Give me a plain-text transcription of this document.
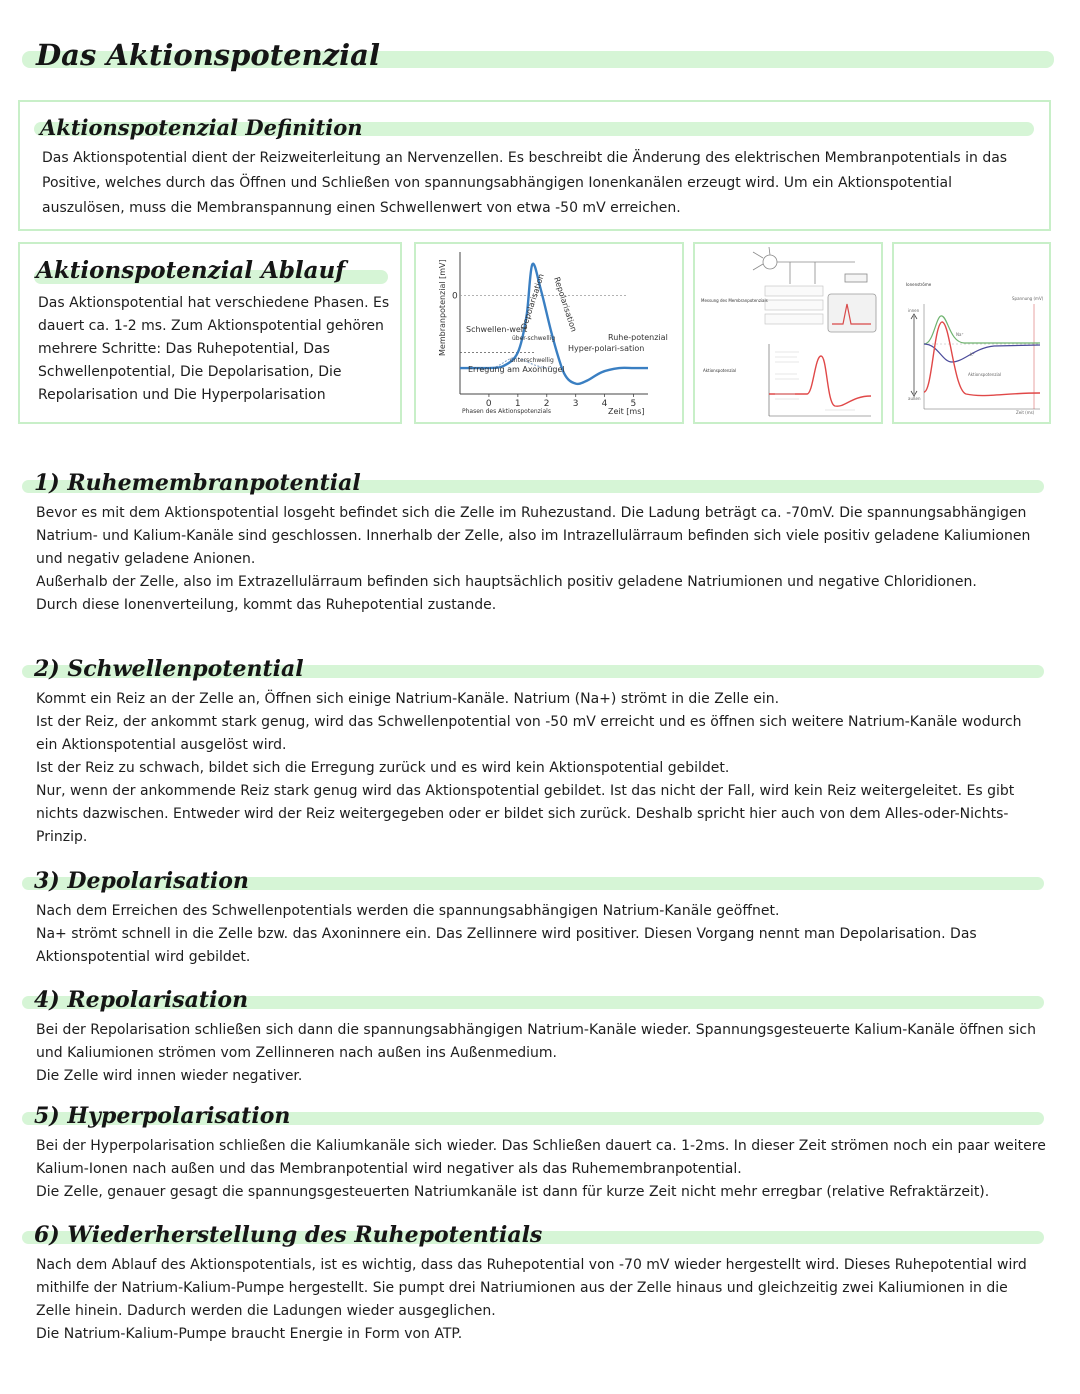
Das Aktionspotenzial
Aktionspotenzial Definition
Das Aktionspotential dient der Reizweiterleitung an Nervenzellen. Es beschreibt die Änderung des elektrischen Membranpotentials in das Positive, welches durch das Öffnen und Schließen von spannungsabhängigen Ionenkanälen erzeugt wird. Um ein Aktionspotential auszulösen, muss die Membranspannung einen Schwellenwert von etwa -50 mV erreichen.
Aktionspotenzial Ablauf
Das Aktionspotential hat verschiedene Phasen. Es dauert ca. 1-2 ms. Zum Aktionspotential gehören mehrere Schritte: Das Ruhepotential, Das Schwellenpotential, Die Depolarisation, Die Repolarisation und Die Hyperpolarisation
Membranpotenzial [mV] 0
0	1	2	3	4	5
Zeit [ms]
Phasen des Aktionspotenzials
Depolarisation Repolarisation
Schwellen-wert
über-schwellig
unterschwellig
Hyper-polari-sation
Ruhe-potenzial
Erregung am Axonhügel
Messung des Membranpotenzials
Aktionspotenzial
Ionenströme
Spannung (mV)
innen
außen
Zeit (ms)
Na⁺
K⁺
Aktionspotenzial
1) Ruhemembranpotential

Bevor es mit dem Aktionspotential losgeht befindet sich die Zelle im Ruhezustand. Die Ladung beträgt ca. -70mV. Die spannungsabhängigen Natrium- und Kalium-Kanäle sind geschlossen. Innerhalb der Zelle, also im Intrazellulärraum befinden sich viele positiv geladene Kaliumionen und negativ geladene Anionen.

Außerhalb der Zelle, also im Extrazellulärraum befinden sich hauptsächlich positiv geladene Natriumionen und negative Chloridionen.

Durch diese Ionenverteilung, kommt das Ruhepotential zustande.

2) Schwellenpotential

Kommt ein Reiz an der Zelle an, Öffnen sich einige Natrium-Kanäle. Natrium (Na+) strömt in die Zelle ein.

Ist der Reiz, der ankommt stark genug, wird das Schwellenpotential von -50 mV erreicht und es öffnen sich weitere Natrium-Kanäle wodurch ein Aktionspotential ausgelöst wird.

Ist der Reiz zu schwach, bildet sich die Erregung zurück und es wird kein Aktionspotential gebildet.

Nur, wenn der ankommende Reiz stark genug wird das Aktionspotential gebildet. Ist das nicht der Fall, wird kein Reiz weitergeleitet. Es gibt nichts dazwischen. Entweder wird der Reiz weitergegeben oder er bildet sich zurück. Deshalb spricht hier auch von dem Alles-oder-Nichts-Prinzip.

3) Depolarisation

Nach dem Erreichen des Schwellenpotentials werden die spannungsabhängigen Natrium-Kanäle geöffnet.

Na+ strömt schnell in die Zelle bzw. das Axoninnere ein. Das Zellinnere wird positiver. Diesen Vorgang nennt man Depolarisation. Das Aktionspotential wird gebildet.

4) Repolarisation

Bei der Repolarisation schließen sich dann die spannungsabhängigen Natrium-Kanäle wieder. Spannungsgesteuerte Kalium-Kanäle öffnen sich und Kaliumionen strömen vom Zellinneren nach außen ins Außenmedium.

Die Zelle wird innen wieder negativer.

5) Hyperpolarisation

Bei der Hyperpolarisation schließen die Kaliumkanäle sich wieder. Das Schließen dauert ca. 1-2ms. In dieser Zeit strömen noch ein paar weitere Kalium-Ionen nach außen und das Membranpotential wird negativer als das Ruhemembranpotential.

Die Zelle, genauer gesagt die spannungsgesteuerten Natriumkanäle ist dann für kurze Zeit nicht mehr erregbar (relative Refraktärzeit).

6) Wiederherstellung des Ruhepotentials

Nach dem Ablauf des Aktionspotentials, ist es wichtig, dass das Ruhepotential von -70 mV wieder hergestellt wird. Dieses Ruhepotential wird mithilfe der Natrium-Kalium-Pumpe hergestellt. Sie pumpt drei Natriumionen aus der Zelle hinaus und gleichzeitig zwei Kaliumionen in die Zelle hinein. Dadurch werden die Ladungen wieder ausgeglichen.

Die Natrium-Kalium-Pumpe braucht Energie in Form von ATP.
